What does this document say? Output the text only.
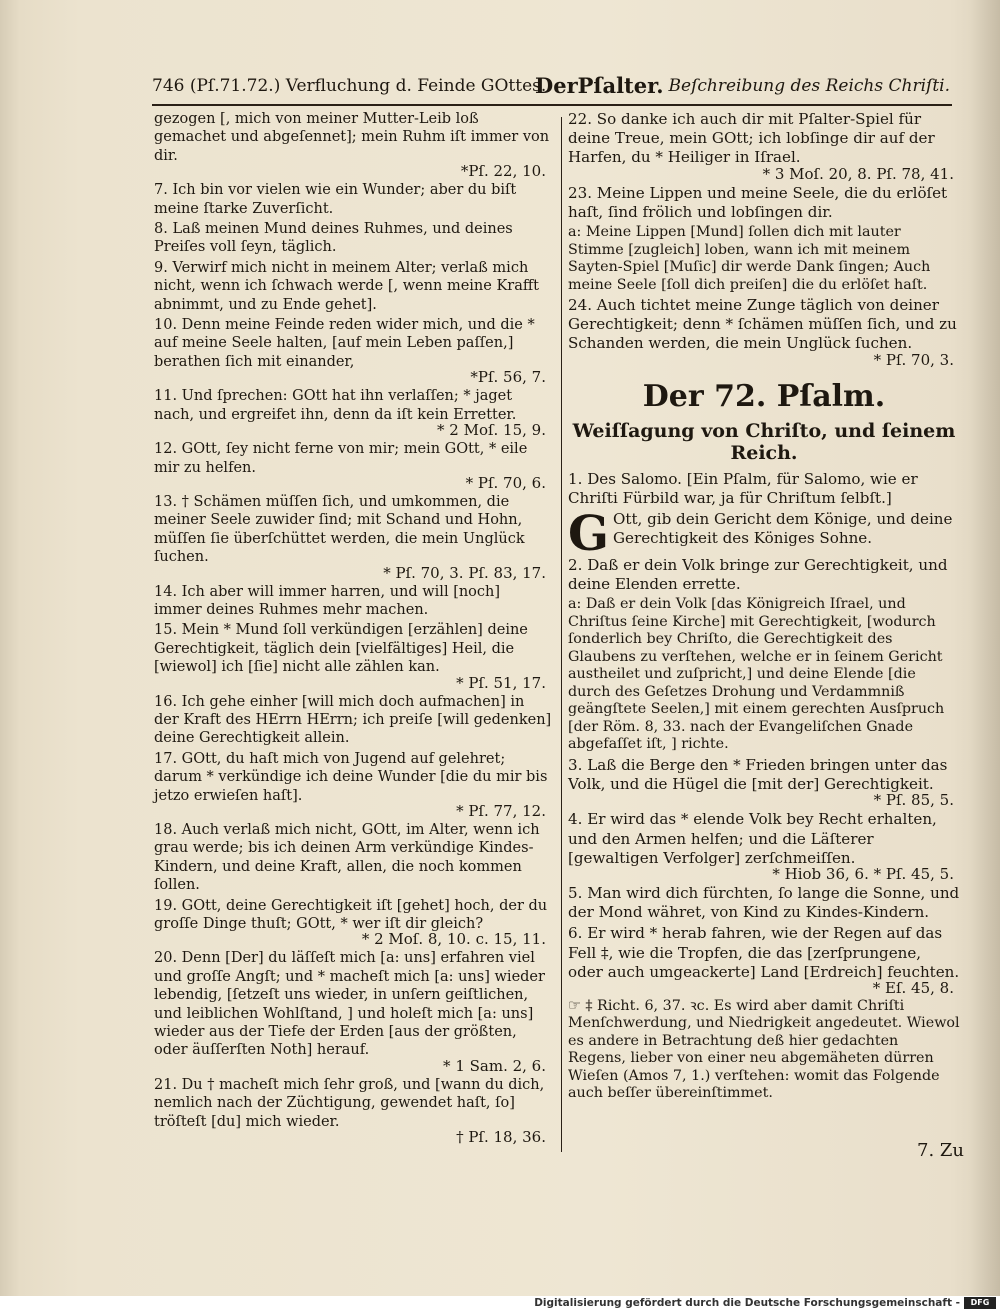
746 (Pſ.71.72.) Verfluchung d. Feinde GOttes.
DerPſalter. Beſchreibung des Reichs Chriſti.

gezogen [, mich von meiner Mutter-Leib loß gemachet und abgeſennet]; mein Ruhm iſt immer von dir.
*Pſ. 22, 10.

7. Ich bin vor vielen wie ein Wunder; aber du biſt meine ſtarke Zuverſicht.

8. Laß meinen Mund deines Ruhmes, und deines Preiſes voll ſeyn, täglich.

9. Verwirf mich nicht in meinem Alter; verlaß mich nicht, wenn ich ſchwach werde [, wenn meine Krafft abnimmt, und zu Ende gehet].

10. Denn meine Feinde reden wider mich, und die * auf meine Seele halten, [auf mein Leben paſſen,] berathen ſich mit einander,
*Pſ. 56, 7.

11. Und ſprechen: GOtt hat ihn verlaſſen; * jaget nach, und ergreifet ihn, denn da iſt kein Erretter.
* 2 Moſ. 15, 9.

12. GOtt, ſey nicht ferne von mir; mein GOtt, * eile mir zu helfen.
* Pſ. 70, 6.

13. † Schämen müſſen ſich, und umkommen, die meiner Seele zuwider ſind; mit Schand und Hohn, müſſen ſie überſchüttet werden, die mein Unglück ſuchen.
* Pſ. 70, 3. Pſ. 83, 17.

14. Ich aber will immer harren, und will [noch] immer deines Ruhmes mehr machen.

15. Mein * Mund ſoll verkündigen [erzählen] deine Gerechtigkeit, täglich dein [vielfältiges] Heil, die [wiewol] ich [ſie] nicht alle zählen kan.
* Pſ. 51, 17.

16. Ich gehe einher [will mich doch aufmachen] in der Kraft des HErrn HErrn; ich preiſe [will gedenken] deine Gerechtigkeit allein.

17. GOtt, du haſt mich von Jugend auf gelehret; darum * verkündige ich deine Wunder [die du mir bis jetzo erwieſen haſt].
* Pſ. 77, 12.

18. Auch verlaß mich nicht, GOtt, im Alter, wenn ich grau werde; bis ich deinen Arm verkündige Kindes-Kindern, und deine Kraft, allen, die noch kommen ſollen.

19. GOtt, deine Gerechtigkeit iſt [gehet] hoch, der du groſſe Dinge thuſt; GOtt, * wer iſt dir gleich?
* 2 Moſ. 8, 10. c. 15, 11.

20. Denn [Der] du läſſeſt mich [a: uns] erfahren viel und groſſe Angſt; und * macheſt mich [a: uns] wieder lebendig, [ſetzeſt uns wieder, in unſern geiſtlichen, und leiblichen Wohlſtand, ] und holeſt mich [a: uns] wieder aus der Tiefe der Erden [aus der größten, oder äuſſerſten Noth] herauf.
* 1 Sam. 2, 6.

21. Du † macheſt mich ſehr groß, und [wann du dich, nemlich nach der Züchtigung, gewendet haſt, ſo] tröſteſt [du] mich wieder.
† Pſ. 18, 36.

22. So danke ich auch dir mit Pſalter-Spiel für deine Treue, mein GOtt; ich lobſinge dir auf der Harfen, du * Heiliger in Iſrael.
* 3 Moſ. 20, 8. Pſ. 78, 41.

23. Meine Lippen und meine Seele, die du erlöſet haſt, ſind frölich und lobſingen dir.

a: Meine Lippen [Mund] ſollen dich mit lauter Stimme [zugleich] loben, wann ich mit meinem Sayten-Spiel [Muſic] dir werde Dank ſingen; Auch meine Seele [ſoll dich preiſen] die du erlöſet haſt.

24. Auch tichtet meine Zunge täglich von deiner Gerechtigkeit; denn * ſchämen müſſen ſich, und zu Schanden werden, die mein Unglück ſuchen.
* Pſ. 70, 3.

Der 72. Pſalm.
Weiſſagung von Chriſto, und ſeinem Reich.

1. Des Salomo. [Ein Pſalm, für Salomo, wie er Chriſti Fürbild war, ja für Chriſtum ſelbſt.]

G Ott, gib dein Gericht dem Könige, und deine Gerechtigkeit des Königes Sohne.

2. Daß er dein Volk bringe zur Gerechtigkeit, und deine Elenden errette.

a: Daß er dein Volk [das Königreich Iſrael, und Chriſtus ſeine Kirche] mit Gerechtigkeit, [wodurch ſonderlich bey Chriſto, die Gerechtigkeit des Glaubens zu verſtehen, welche er in ſeinem Gericht austheilet und zuſpricht,] und deine Elende [die durch des Geſetzes Drohung und Verdammniß geängſtete Seelen,] mit einem gerechten Ausſpruch [der Röm. 8, 33. nach der Evangeliſchen Gnade abgefaſſet iſt, ] richte.

3. Laß die Berge den * Frieden bringen unter das Volk, und die Hügel die [mit der] Gerechtigkeit.
* Pſ. 85, 5.

4. Er wird das * elende Volk bey Recht erhalten, und den Armen helfen; und die Läſterer [gewaltigen Verfolger] zerſchmeiſſen.
* Hiob 36, 6. * Pſ. 45, 5.

5. Man wird dich fürchten, ſo lange die Sonne, und der Mond währet, von Kind zu Kindes-Kindern.

6. Er wird * herab fahren, wie der Regen auf das Fell ‡, wie die Tropfen, die das [zerſprungene, oder auch umgeackerte] Land [Erdreich] feuchten.
* Eſ. 45, 8.

☞ ‡ Richt. 6, 37. ꝛc. Es wird aber damit Chriſti Menſchwerdung, und Niedrigkeit angedeutet. Wiewol es andere in Betrachtung deß hier gedachten Regens, lieber von einer neu abgemäheten dürren Wieſen (Amos 7, 1.) verſtehen: womit das Folgende auch beſſer übereinſtimmet.

7. Zu
Digitalisierung gefördert durch die Deutsche Forschungsgemeinschaft -	DFG
